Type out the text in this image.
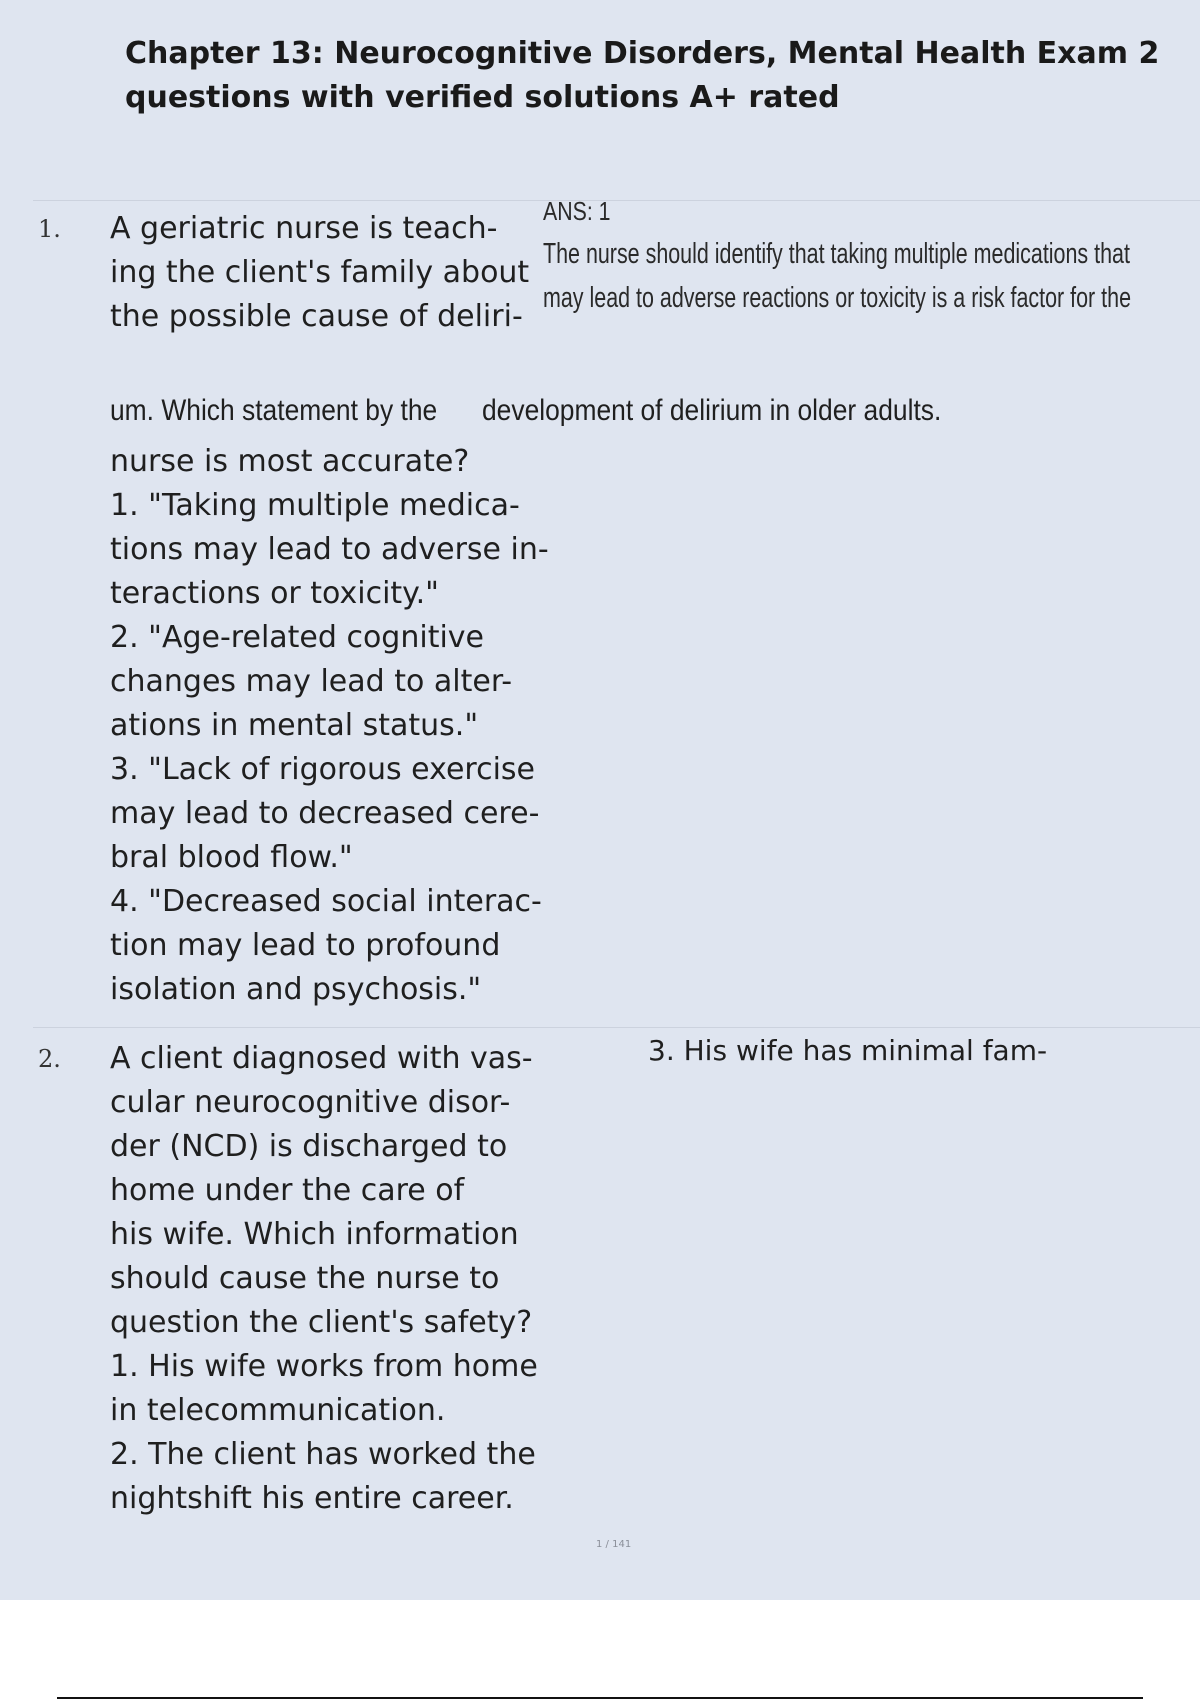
Chapter 13: Neurocognitive Disorders, Mental Health Exam 2 questions with verified solutions A+ rated
1. A geriatric nurse is teach-
ing the client's family about
the possible cause of deliri-
ANS: 1
The nurse should identify that taking multiple medications that
may lead to adverse reactions or toxicity is a risk factor for the
um. Which statement by the development of delirium in older adults.
nurse is most accurate?
1. "Taking multiple medica-
tions may lead to adverse in-
teractions or toxicity."
2. "Age-related cognitive
changes may lead to alter-
ations in mental status."
3. "Lack of rigorous exercise
may lead to decreased cere-
bral blood flow."
4. "Decreased social interac-
tion may lead to profound
isolation and psychosis."
2. A client diagnosed with vas-
cular neurocognitive disor-
der (NCD) is discharged to
home under the care of
his wife. Which information
should cause the nurse to
question the client's safety?
1. His wife works from home
in telecommunication.
2. The client has worked the
nightshift his entire career.
3. His wife has minimal fam-
1 / 141
